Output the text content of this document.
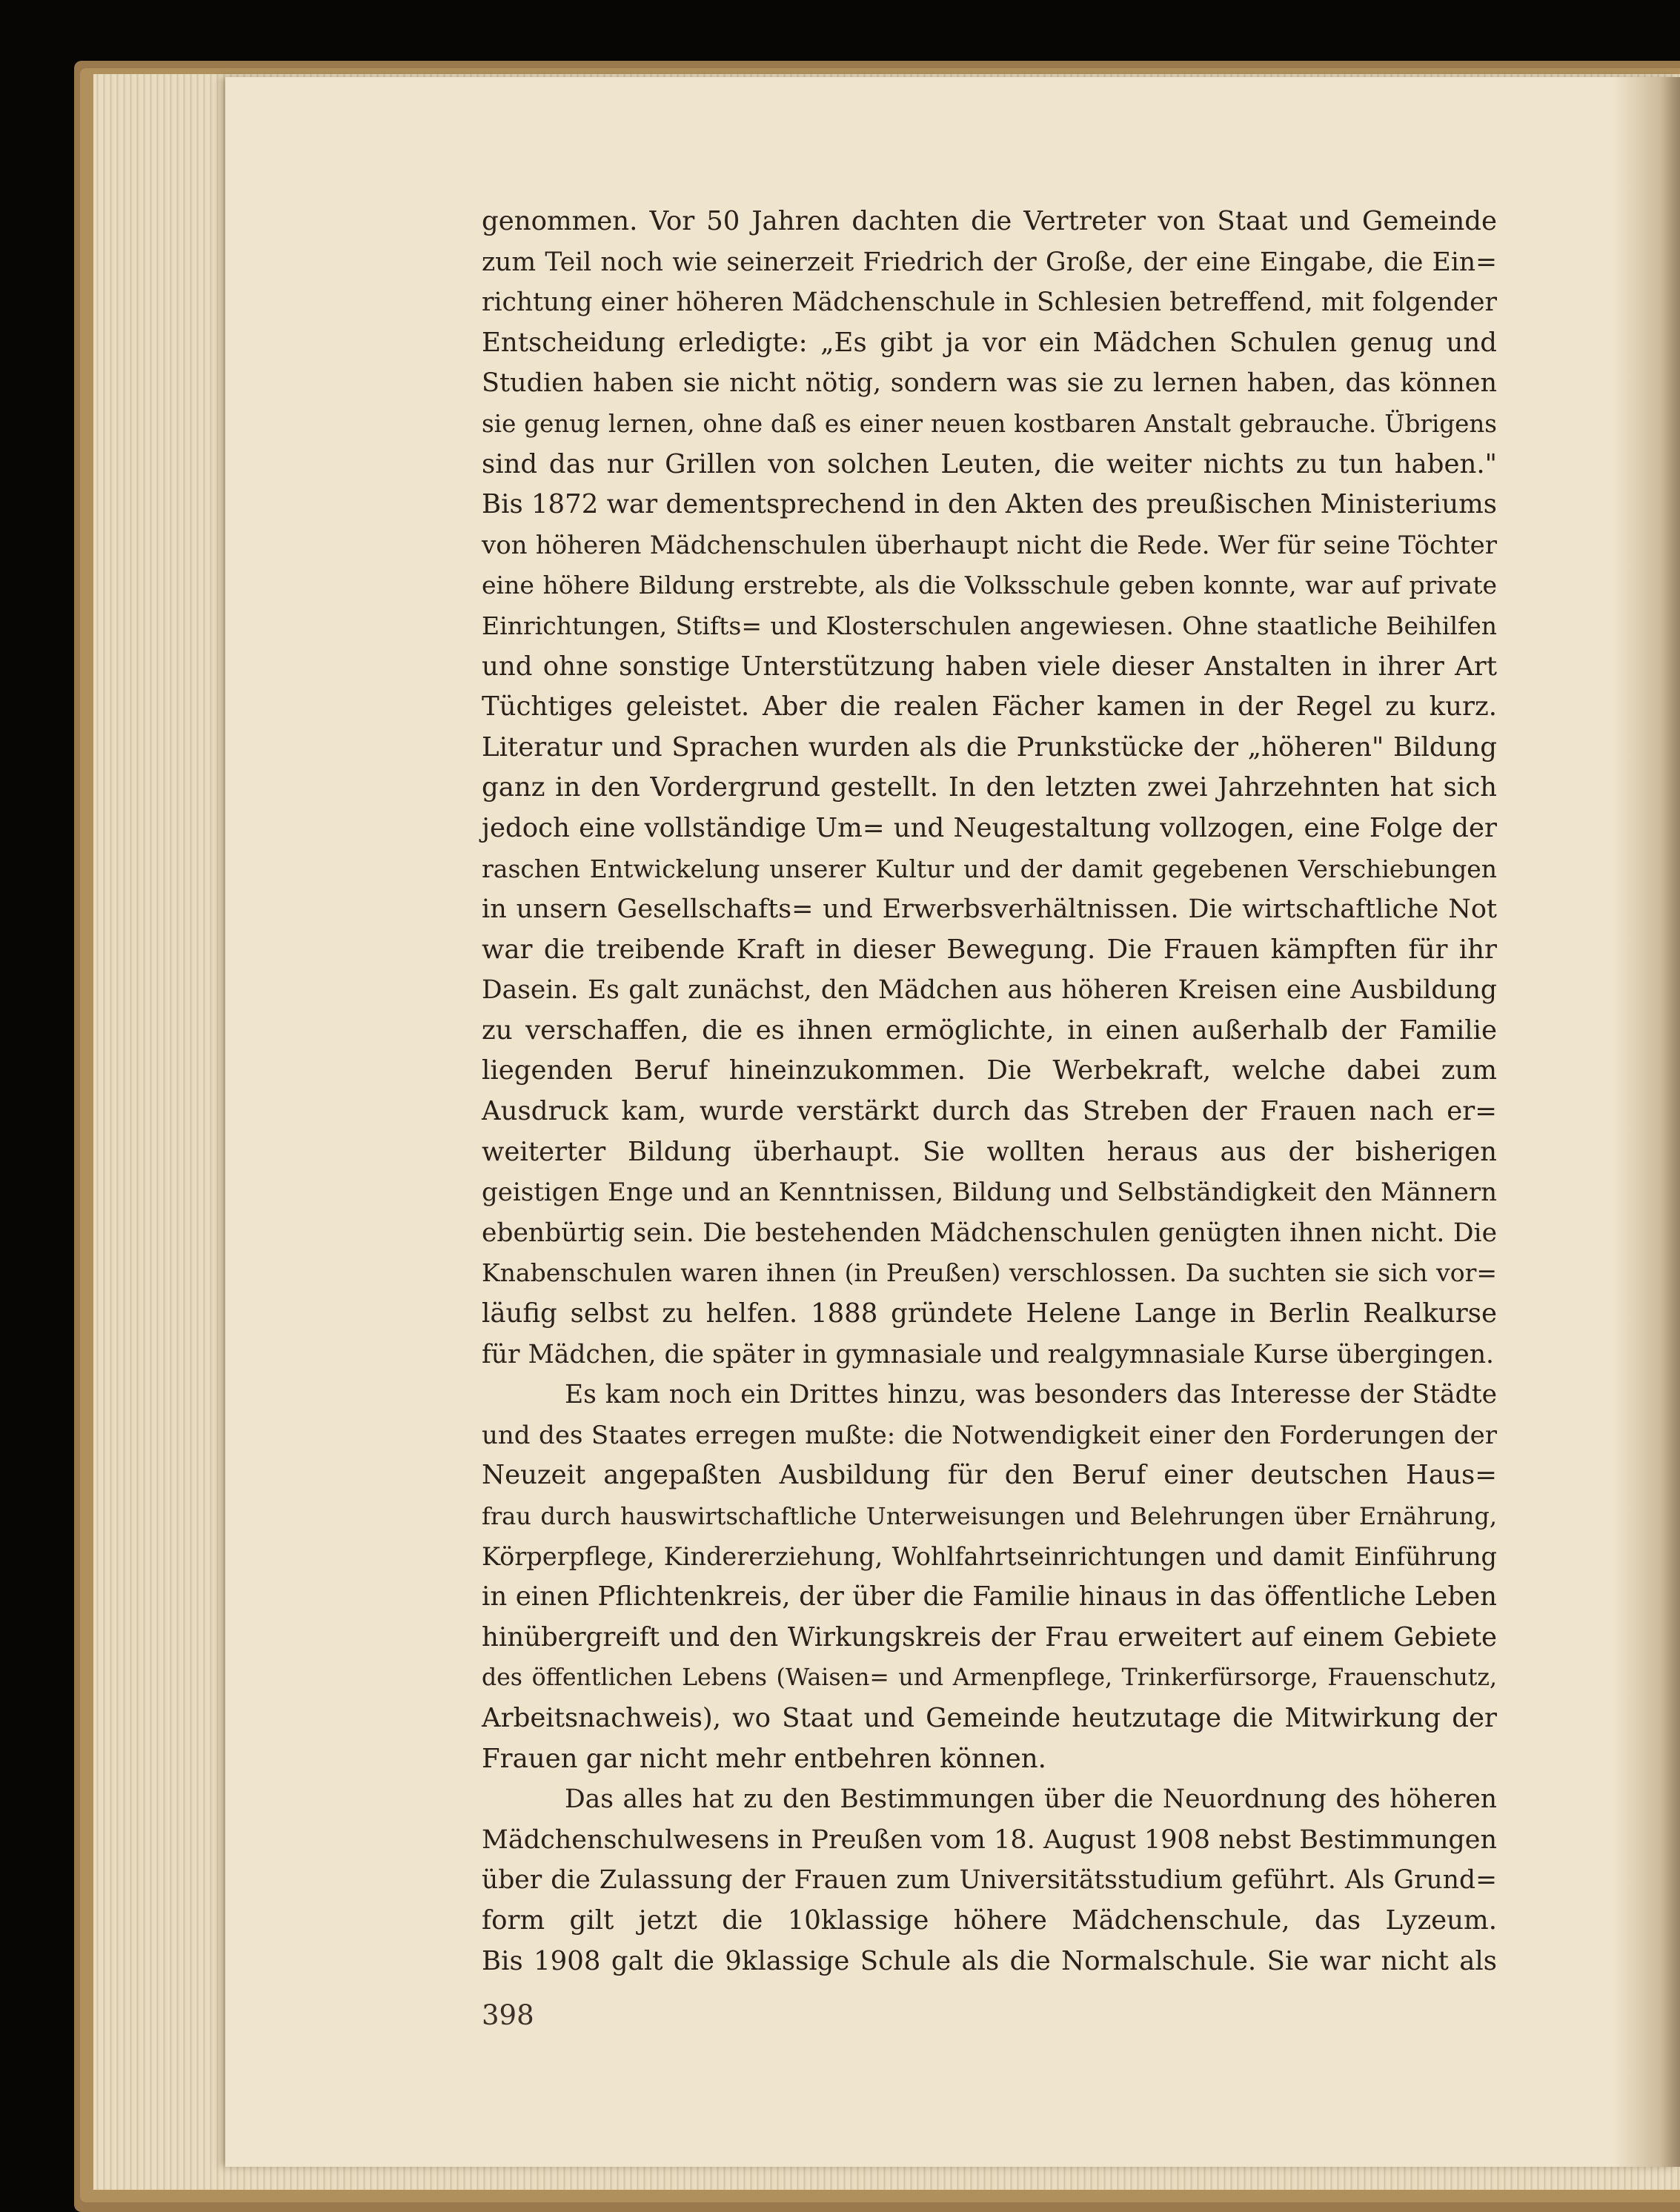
genommen. Vor 50 Jahren dachten die Vertreter von Staat und Gemeinde
zum Teil noch wie seinerzeit Friedrich der Große, der eine Eingabe, die Ein=
richtung einer höheren Mädchenschule in Schlesien betreffend, mit folgender
Entscheidung erledigte: „Es gibt ja vor ein Mädchen Schulen genug und
Studien haben sie nicht nötig, sondern was sie zu lernen haben, das können
sie genug lernen, ohne daß es einer neuen kostbaren Anstalt gebrauche. Übrigens
sind das nur Grillen von solchen Leuten, die weiter nichts zu tun haben."
Bis 1872 war dementsprechend in den Akten des preußischen Ministeriums
von höheren Mädchenschulen überhaupt nicht die Rede. Wer für seine Töchter
eine höhere Bildung erstrebte, als die Volksschule geben konnte, war auf private
Einrichtungen, Stifts= und Klosterschulen angewiesen. Ohne staatliche Beihilfen
und ohne sonstige Unterstützung haben viele dieser Anstalten in ihrer Art
Tüchtiges geleistet. Aber die realen Fächer kamen in der Regel zu kurz.
Literatur und Sprachen wurden als die Prunkstücke der „höheren" Bildung
ganz in den Vordergrund gestellt. In den letzten zwei Jahrzehnten hat sich
jedoch eine vollständige Um= und Neugestaltung vollzogen, eine Folge der
raschen Entwickelung unserer Kultur und der damit gegebenen Verschiebungen
in unsern Gesellschafts= und Erwerbsverhältnissen. Die wirtschaftliche Not
war die treibende Kraft in dieser Bewegung. Die Frauen kämpften für ihr
Dasein. Es galt zunächst, den Mädchen aus höheren Kreisen eine Ausbildung
zu verschaffen, die es ihnen ermöglichte, in einen außerhalb der Familie
liegenden Beruf hineinzukommen. Die Werbekraft, welche dabei zum
Ausdruck kam, wurde verstärkt durch das Streben der Frauen nach er=
weiterter Bildung überhaupt. Sie wollten heraus aus der bisherigen
geistigen Enge und an Kenntnissen, Bildung und Selbständigkeit den Männern
ebenbürtig sein. Die bestehenden Mädchenschulen genügten ihnen nicht. Die
Knabenschulen waren ihnen (in Preußen) verschlossen. Da suchten sie sich vor=
läufig selbst zu helfen. 1888 gründete Helene Lange in Berlin Realkurse
für Mädchen, die später in gymnasiale und realgymnasiale Kurse übergingen.
Es kam noch ein Drittes hinzu, was besonders das Interesse der Städte
und des Staates erregen mußte: die Notwendigkeit einer den Forderungen der
Neuzeit angepaßten Ausbildung für den Beruf einer deutschen Haus=
frau durch hauswirtschaftliche Unterweisungen und Belehrungen über Ernährung,
Körperpflege, Kindererziehung, Wohlfahrtseinrichtungen und damit Einführung
in einen Pflichtenkreis, der über die Familie hinaus in das öffentliche Leben
hinübergreift und den Wirkungskreis der Frau erweitert auf einem Gebiete
des öffentlichen Lebens (Waisen= und Armenpflege, Trinkerfürsorge, Frauenschutz,
Arbeitsnachweis), wo Staat und Gemeinde heutzutage die Mitwirkung der
Frauen gar nicht mehr entbehren können.
Das alles hat zu den Bestimmungen über die Neuordnung des höheren
Mädchenschulwesens in Preußen vom 18. August 1908 nebst Bestimmungen
über die Zulassung der Frauen zum Universitätsstudium geführt. Als Grund=
form gilt jetzt die 10klassige höhere Mädchenschule, das Lyzeum.
Bis 1908 galt die 9klassige Schule als die Normalschule. Sie war nicht als
398
